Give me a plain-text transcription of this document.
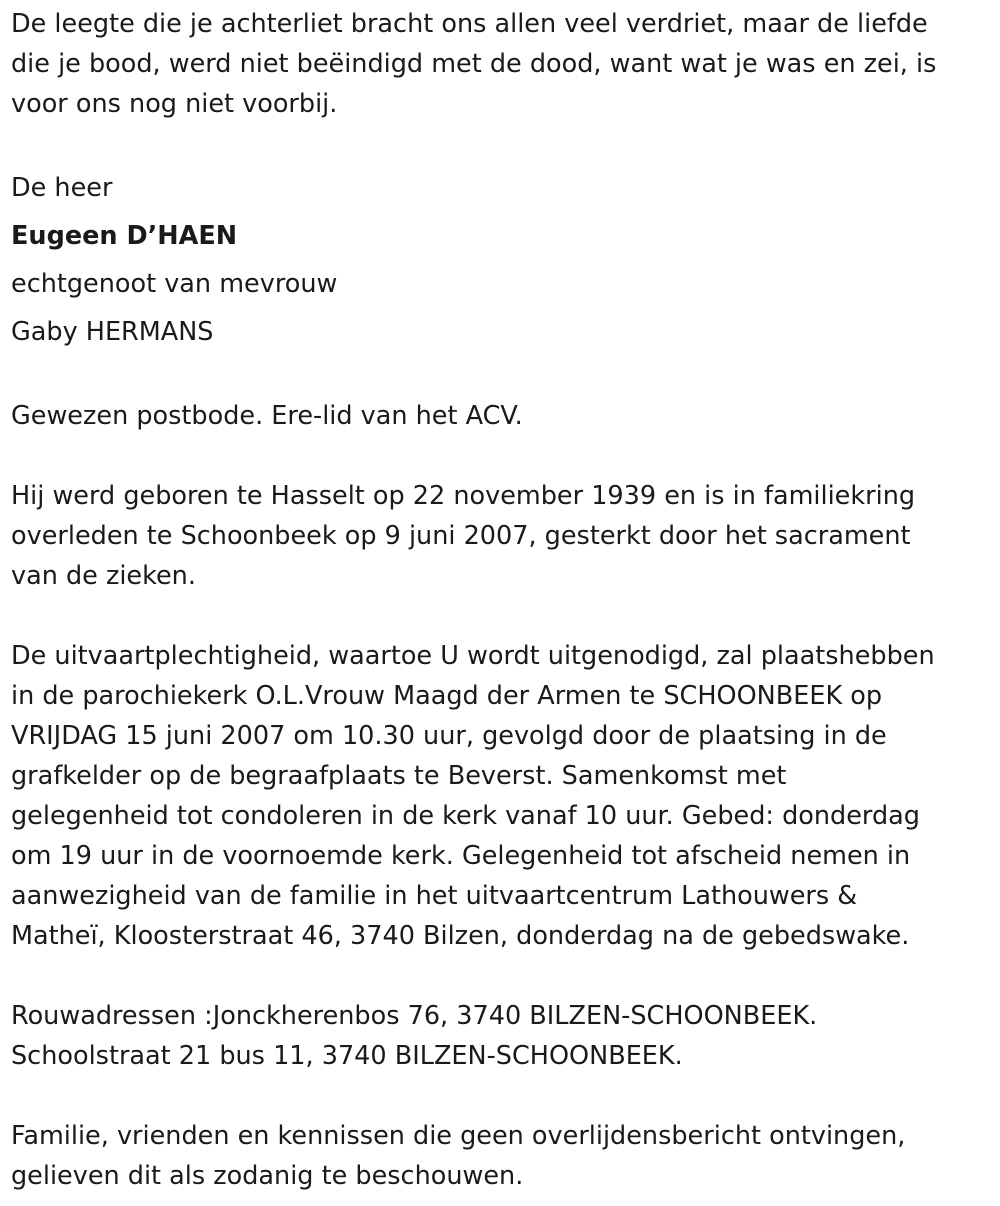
De leegte die je achterliet bracht ons allen veel verdriet, maar de liefde
die je bood, werd niet beëindigd met de dood, want wat je was en zei, is
voor ons nog niet voorbij.
De heer
Eugeen D’HAEN
echtgenoot van mevrouw
Gaby HERMANS
Gewezen postbode. Ere-lid van het ACV.
Hij werd geboren te Hasselt op 22 november 1939 en is in familiekring
overleden te Schoonbeek op 9 juni 2007, gesterkt door het sacrament
van de zieken.
De uitvaartplechtigheid, waartoe U wordt uitgenodigd, zal plaatshebben
in de parochiekerk O.L.Vrouw Maagd der Armen te SCHOONBEEK op
VRIJDAG 15 juni 2007 om 10.30 uur, gevolgd door de plaatsing in de
grafkelder op de begraafplaats te Beverst. Samenkomst met
gelegenheid tot condoleren in de kerk vanaf 10 uur. Gebed: donderdag
om 19 uur in de voornoemde kerk. Gelegenheid tot afscheid nemen in
aanwezigheid van de familie in het uitvaartcentrum Lathouwers &
Matheï, Kloosterstraat 46, 3740 Bilzen, donderdag na de gebedswake.
Rouwadressen :Jonckherenbos 76, 3740 BILZEN-SCHOONBEEK.
Schoolstraat 21 bus 11, 3740 BILZEN-SCHOONBEEK.
Familie, vrienden en kennissen die geen overlijdensbericht ontvingen,
gelieven dit als zodanig te beschouwen.
